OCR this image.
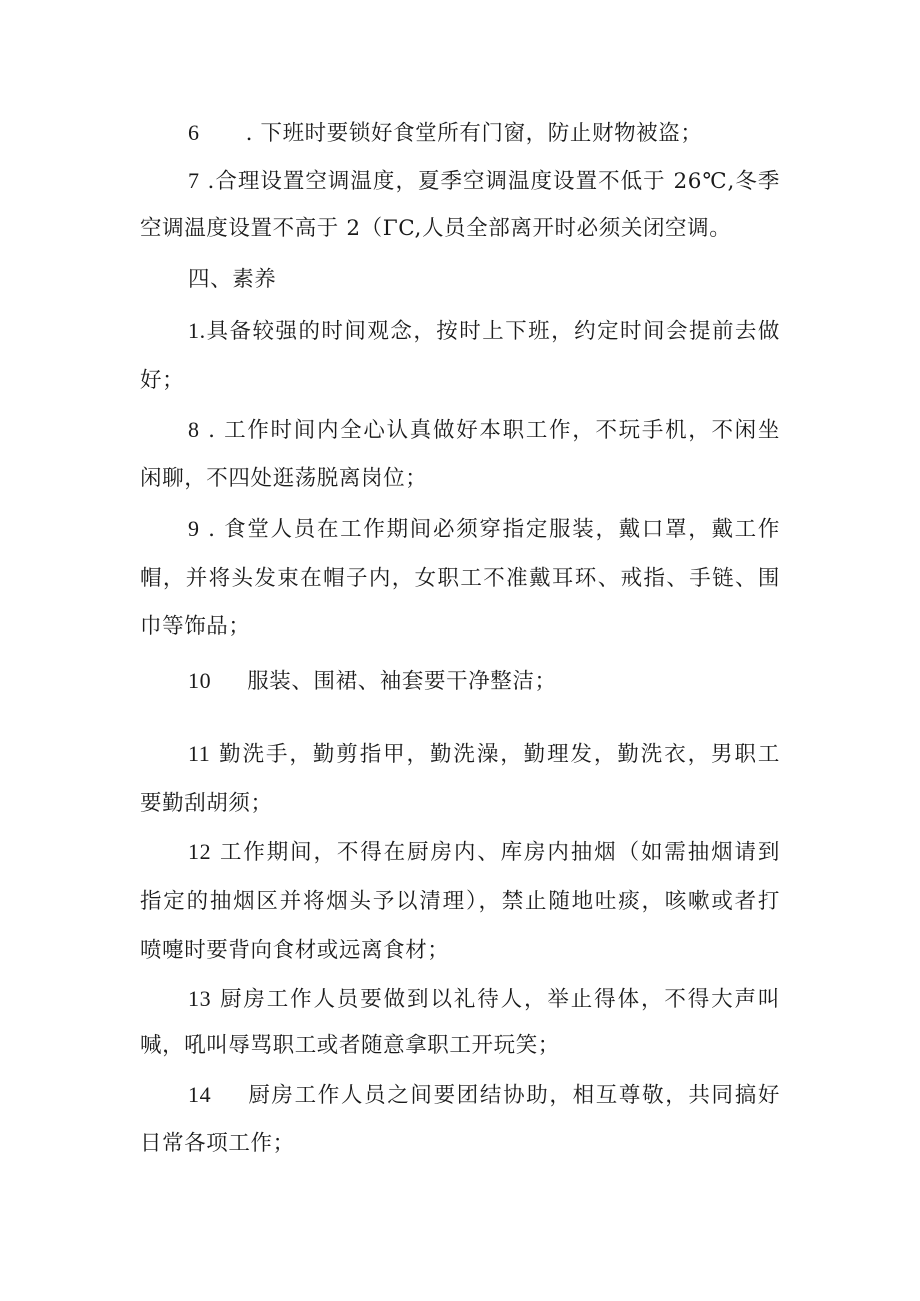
6 . 下班时要锁好食堂所有门窗，防止财物被盗；
7 .合理设置空调温度，夏季空调温度设置不低于 26℃,冬季
空调温度设置不高于 2（ΓC,人员全部离开时必须关闭空调。
四、素养
1.具备较强的时间观念，按时上下班，约定时间会提前去做
好；
8 . 工作时间内全心认真做好本职工作，不玩手机，不闲坐
闲聊，不四处逛荡脱离岗位；
9 . 食堂人员在工作期间必须穿指定服装，戴口罩，戴工作
帽，并将头发束在帽子内，女职工不准戴耳环、戒指、手链、围
巾等饰品；
10 服装、围裙、袖套要干净整洁；
11 勤洗手，勤剪指甲，勤洗澡，勤理发，勤洗衣，男职工
要勤刮胡须；
12 工作期间，不得在厨房内、库房内抽烟（如需抽烟请到
指定的抽烟区并将烟头予以清理），禁止随地吐痰，咳嗽或者打
喷嚏时要背向食材或远离食材；
13 厨房工作人员要做到以礼待人，举止得体，不得大声叫
喊，吼叫辱骂职工或者随意拿职工开玩笑；
14 厨房工作人员之间要团结协助，相互尊敬，共同搞好
日常各项工作；
